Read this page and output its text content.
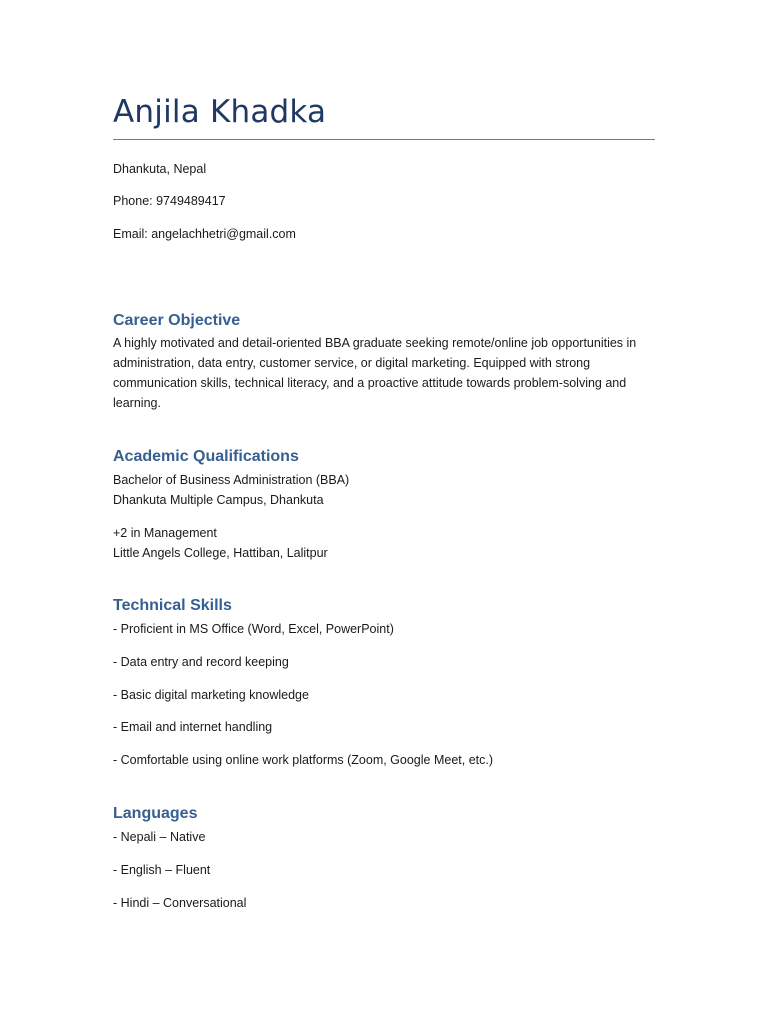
Anjila Khadka
Dhankuta, Nepal
Phone: 9749489417
Email: angelachhetri@gmail.com
Career Objective
A highly motivated and detail-oriented BBA graduate seeking remote/online job opportunities in
administration, data entry, customer service, or digital marketing. Equipped with strong
communication skills, technical literacy, and a proactive attitude towards problem-solving and
learning.
Academic Qualifications
Bachelor of Business Administration (BBA)
Dhankuta Multiple Campus, Dhankuta
+2 in Management
Little Angels College, Hattiban, Lalitpur
Technical Skills
- Proficient in MS Office (Word, Excel, PowerPoint)
- Data entry and record keeping
- Basic digital marketing knowledge
- Email and internet handling
- Comfortable using online work platforms (Zoom, Google Meet, etc.)
Languages
- Nepali – Native
- English – Fluent
- Hindi – Conversational
